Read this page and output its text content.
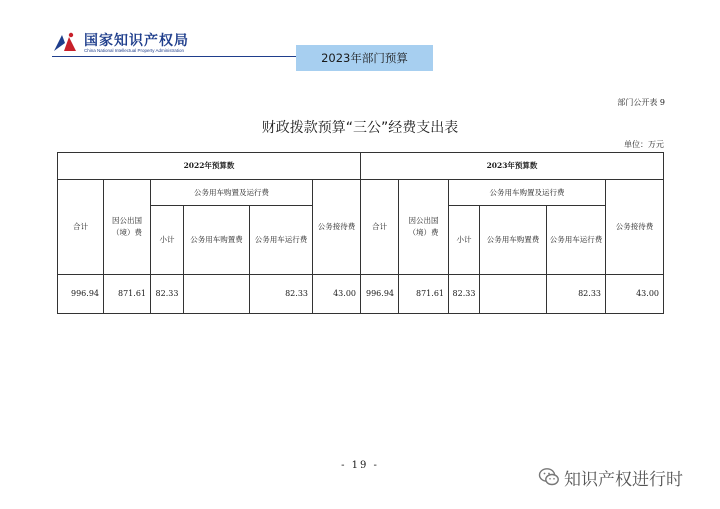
国家知识产权局
China National Intellectual Property Administration
2023年部门预算
部门公开表 9
财政拨款预算“三公”经费支出表
单位：万元
2022年预算数						2023年预算数					
合计	因公出国（境）费	公务用车购置及运行费			公务接待费	合计	因公出国（境）费	公务用车购置及运行费			公务接待费
		小计	公务用车购置费	公务用车运行费				小计	公务用车购置费	公务用车运行费	
996.94	871.61	82.33		82.33	43.00	996.94	871.61	82.33		82.33	43.00
- 19 -
知识产权进行时
